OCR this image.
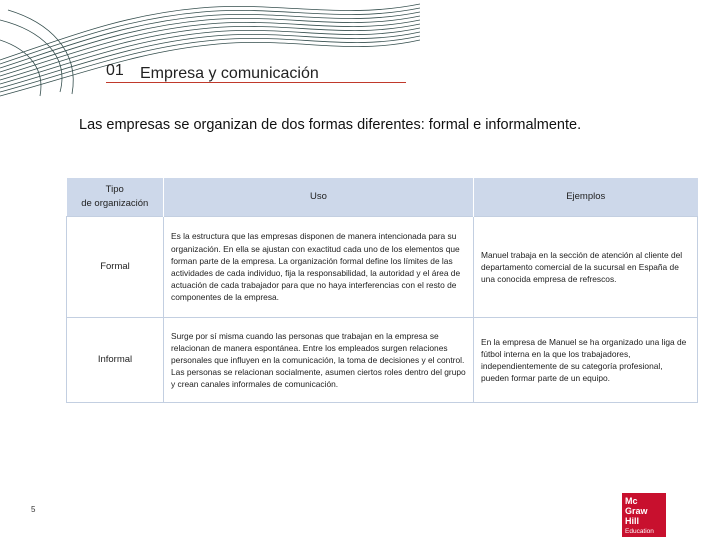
01 Empresa y comunicación
Las empresas se organizan de dos formas diferentes: formal e informalmente.
Tipo
de organización	Uso	Ejemplos
Formal	Es la estructura que las empresas disponen de manera intencionada para su organización. En ella se ajustan con exactitud cada uno de los elementos que forman parte de la empresa. La organización formal define los límites de las actividades de cada individuo, fija la responsabilidad, la autoridad y el área de actuación de cada trabajador para que no haya interferencias con el resto de componentes de la empresa.	Manuel trabaja en la sección de atención al cliente del departamento comercial de la sucursal en España de una conocida empresa de refrescos.
Informal	Surge por sí misma cuando las personas que trabajan en la empresa se relacionan de manera espontánea. Entre los empleados surgen relaciones personales que influyen en la comunicación, la toma de decisiones y el control. Las personas se relacionan socialmente, asumen ciertos roles dentro del grupo y crean canales informales de comunicación.	En la empresa de Manuel se ha organizado una liga de fútbol interna en la que los trabajadores, independientemente de su categoría profesional, pueden formar parte de un equipo.
5
Mc
Graw
Hill
Education
